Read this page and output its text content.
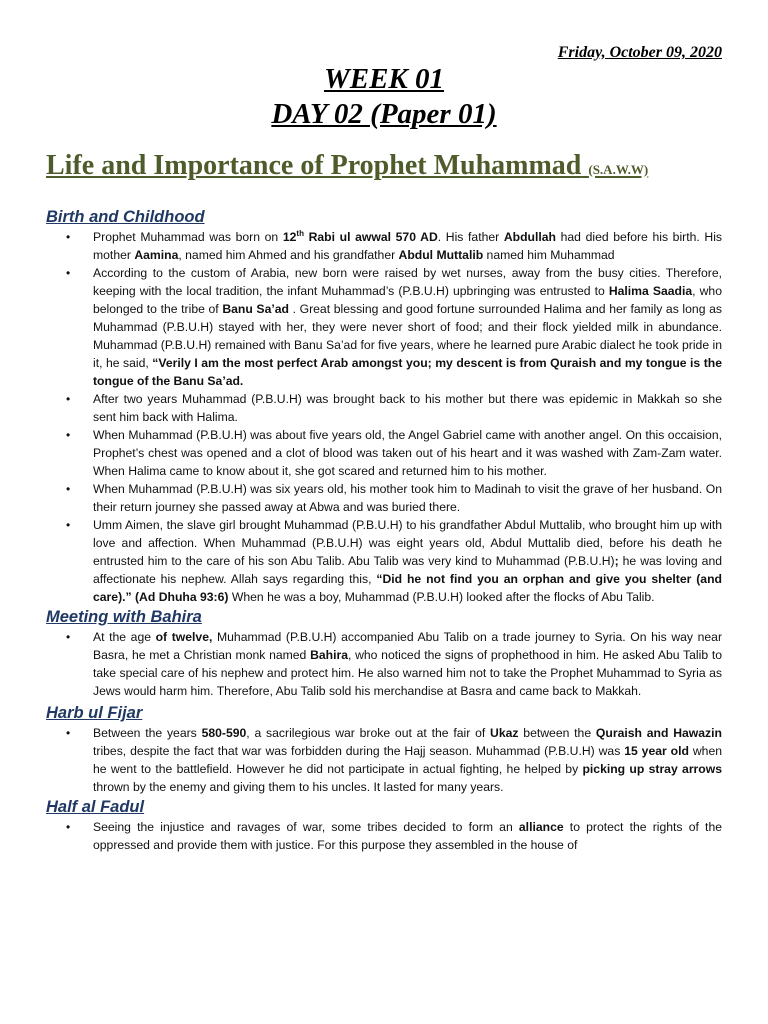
Friday, October 09, 2020
WEEK 01
DAY 02 (Paper 01)
Life and Importance of Prophet Muhammad (S.A.W.W)
Birth and Childhood
• Prophet Muhammad was born on 12th Rabi ul awwal 570 AD. His father Abdullah had died before his birth. His mother Aamina, named him Ahmed and his grandfather Abdul Muttalib named him Muhammad
• According to the custom of Arabia, new born were raised by wet nurses, away from the busy cities. Therefore, keeping with the local tradition, the infant Muhammad’s (P.B.U.H) upbringing was entrusted to Halima Saadia, who belonged to the tribe of Banu Sa’ad . Great blessing and good fortune surrounded Halima and her family as long as Muhammad (P.B.U.H) stayed with her, they were never short of food; and their flock yielded milk in abundance. Muhammad (P.B.U.H) remained with Banu Sa’ad for five years, where he learned pure Arabic dialect he took pride in it, he said, “Verily I am the most perfect Arab amongst you; my descent is from Quraish and my tongue is the tongue of the Banu Sa’ad.
• After two years Muhammad (P.B.U.H) was brought back to his mother but there was epidemic in Makkah so she sent him back with Halima.
• When Muhammad (P.B.U.H) was about five years old, the Angel Gabriel came with another angel. On this occaision, Prophet’s chest was opened and a clot of blood was taken out of his heart and it was washed with Zam-Zam water. When Halima came to know about it, she got scared and returned him to his mother.
• When Muhammad (P.B.U.H) was six years old, his mother took him to Madinah to visit the grave of her husband. On their return journey she passed away at Abwa and was buried there.
• Umm Aimen, the slave girl brought Muhammad (P.B.U.H) to his grandfather Abdul Muttalib, who brought him up with love and affection. When Muhammad (P.B.U.H) was eight years old, Abdul Muttalib died, before his death he entrusted him to the care of his son Abu Talib. Abu Talib was very kind to Muhammad (P.B.U.H); he was loving and affectionate his nephew. Allah says regarding this, “Did he not find you an orphan and give you shelter (and care).” (Ad Dhuha 93:6) When he was a boy, Muhammad (P.B.U.H) looked after the flocks of Abu Talib.
Meeting with Bahira
• At the age of twelve, Muhammad (P.B.U.H) accompanied Abu Talib on a trade journey to Syria. On his way near Basra, he met a Christian monk named Bahira, who noticed the signs of prophethood in him. He asked Abu Talib to take special care of his nephew and protect him. He also warned him not to take the Prophet Muhammad to Syria as Jews would harm him. Therefore, Abu Talib sold his merchandise at Basra and came back to Makkah.
Harb ul Fijar
• Between the years 580-590, a sacrilegious war broke out at the fair of Ukaz between the Quraish and Hawazin tribes, despite the fact that war was forbidden during the Hajj season. Muhammad (P.B.U.H) was 15 year old when he went to the battlefield. However he did not participate in actual fighting, he helped by picking up stray arrows thrown by the enemy and giving them to his uncles. It lasted for many years.
Half al Fadul
• Seeing the injustice and ravages of war, some tribes decided to form an alliance to protect the rights of the oppressed and provide them with justice. For this purpose they assembled in the house of
